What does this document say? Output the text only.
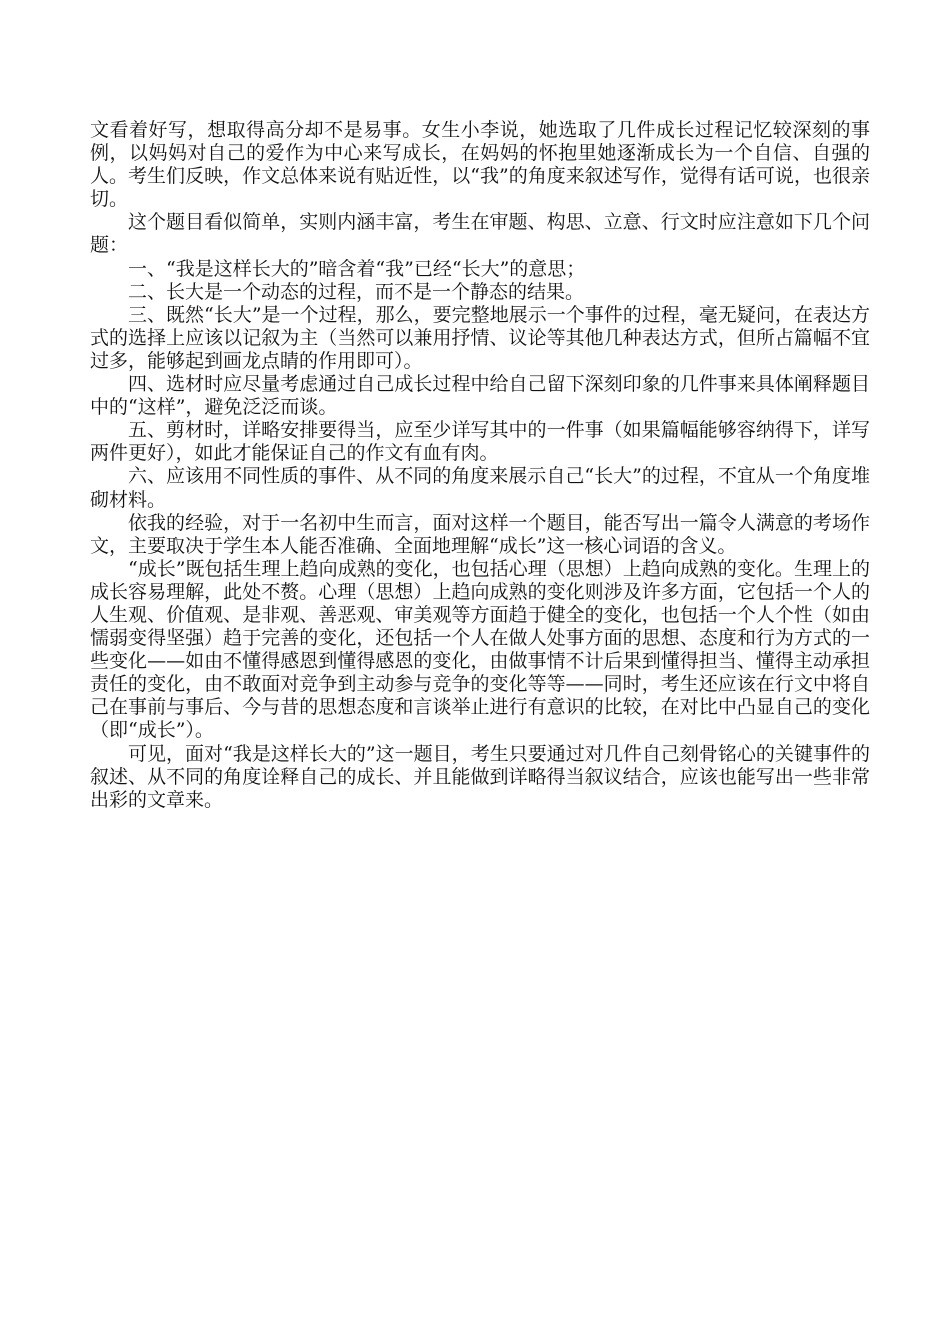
文看着好写，想取得高分却不是易事。女生小李说，她选取了几件成长过程记忆较深刻的事例，以妈妈对自己的爱作为中心来写成长，在妈妈的怀抱里她逐渐成长为一个自信、自强的人。考生们反映，作文总体来说有贴近性，以“我”的角度来叙述写作，觉得有话可说，也很亲切。

这个题目看似简单，实则内涵丰富，考生在审题、构思、立意、行文时应注意如下几个问题：

一、“我是这样长大的”暗含着“我”已经“长大”的意思；

二、长大是一个动态的过程，而不是一个静态的结果。

三、既然“长大”是一个过程，那么，要完整地展示一个事件的过程，毫无疑问，在表达方式的选择上应该以记叙为主（当然可以兼用抒情、议论等其他几种表达方式，但所占篇幅不宜过多，能够起到画龙点睛的作用即可）。

四、选材时应尽量考虑通过自己成长过程中给自己留下深刻印象的几件事来具体阐释题目中的“这样”，避免泛泛而谈。

五、剪材时，详略安排要得当，应至少详写其中的一件事（如果篇幅能够容纳得下，详写两件更好），如此才能保证自己的作文有血有肉。

六、应该用不同性质的事件、从不同的角度来展示自己“长大”的过程，不宜从一个角度堆砌材料。

依我的经验，对于一名初中生而言，面对这样一个题目，能否写出一篇令人满意的考场作文，主要取决于学生本人能否准确、全面地理解“成长”这一核心词语的含义。

“成长”既包括生理上趋向成熟的变化，也包括心理（思想）上趋向成熟的变化。生理上的成长容易理解，此处不赘。心理（思想）上趋向成熟的变化则涉及许多方面，它包括一个人的人生观、价值观、是非观、善恶观、审美观等方面趋于健全的变化，也包括一个人个性（如由懦弱变得坚强）趋于完善的变化，还包括一个人在做人处事方面的思想、态度和行为方式的一些变化——如由不懂得感恩到懂得感恩的变化，由做事情不计后果到懂得担当、懂得主动承担责任的变化，由不敢面对竞争到主动参与竞争的变化等等——同时，考生还应该在行文中将自己在事前与事后、今与昔的思想态度和言谈举止进行有意识的比较，在对比中凸显自己的变化（即“成长”）。

可见，面对“我是这样长大的”这一题目，考生只要通过对几件自己刻骨铭心的关键事件的叙述、从不同的角度诠释自己的成长、并且能做到详略得当叙议结合，应该也能写出一些非常出彩的文章来。
